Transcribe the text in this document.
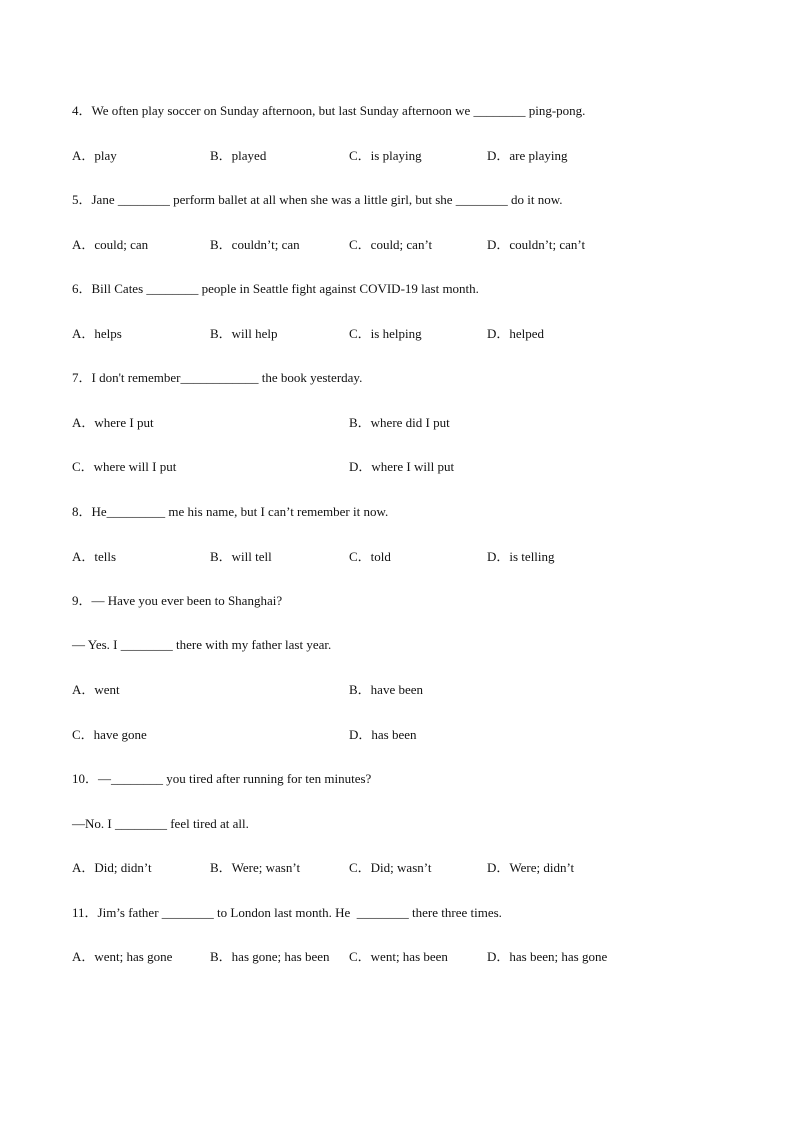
4．We often play soccer on Sunday afternoon, but last Sunday afternoon we ________ ping-pong.
A．play	B．played	C．is playing	D．are playing
5．Jane ________ perform ballet at all when she was a little girl, but she ________ do it now.
A．could; can	B．couldn’t; can	C．could; can’t	D．couldn’t; can’t
6．Bill Cates ________ people in Seattle fight against COVID-19 last month.
A．helps	B．will help	C．is helping	D．helped
7．I don't remember____________ the book yesterday.
A．where I put	B．where did I put
C．where will I put	D．where I will put
8．He_________ me his name, but I can’t remember it now.
A．tells	B．will tell	C．told	D．is telling
9．— Have you ever been to Shanghai?
— Yes. I ________ there with my father last year.
A．went	B．have been
C．have gone	D．has been
10．—________ you tired after running for ten minutes?
—No. I ________ feel tired at all.
A．Did; didn’t	B．Were; wasn’t	C．Did; wasn’t	D．Were; didn’t
11．Jim’s father ________ to London last month. He  ________ there three times.
A．went; has gone	B．has gone; has been C．went; has been	D．has been; has gone
